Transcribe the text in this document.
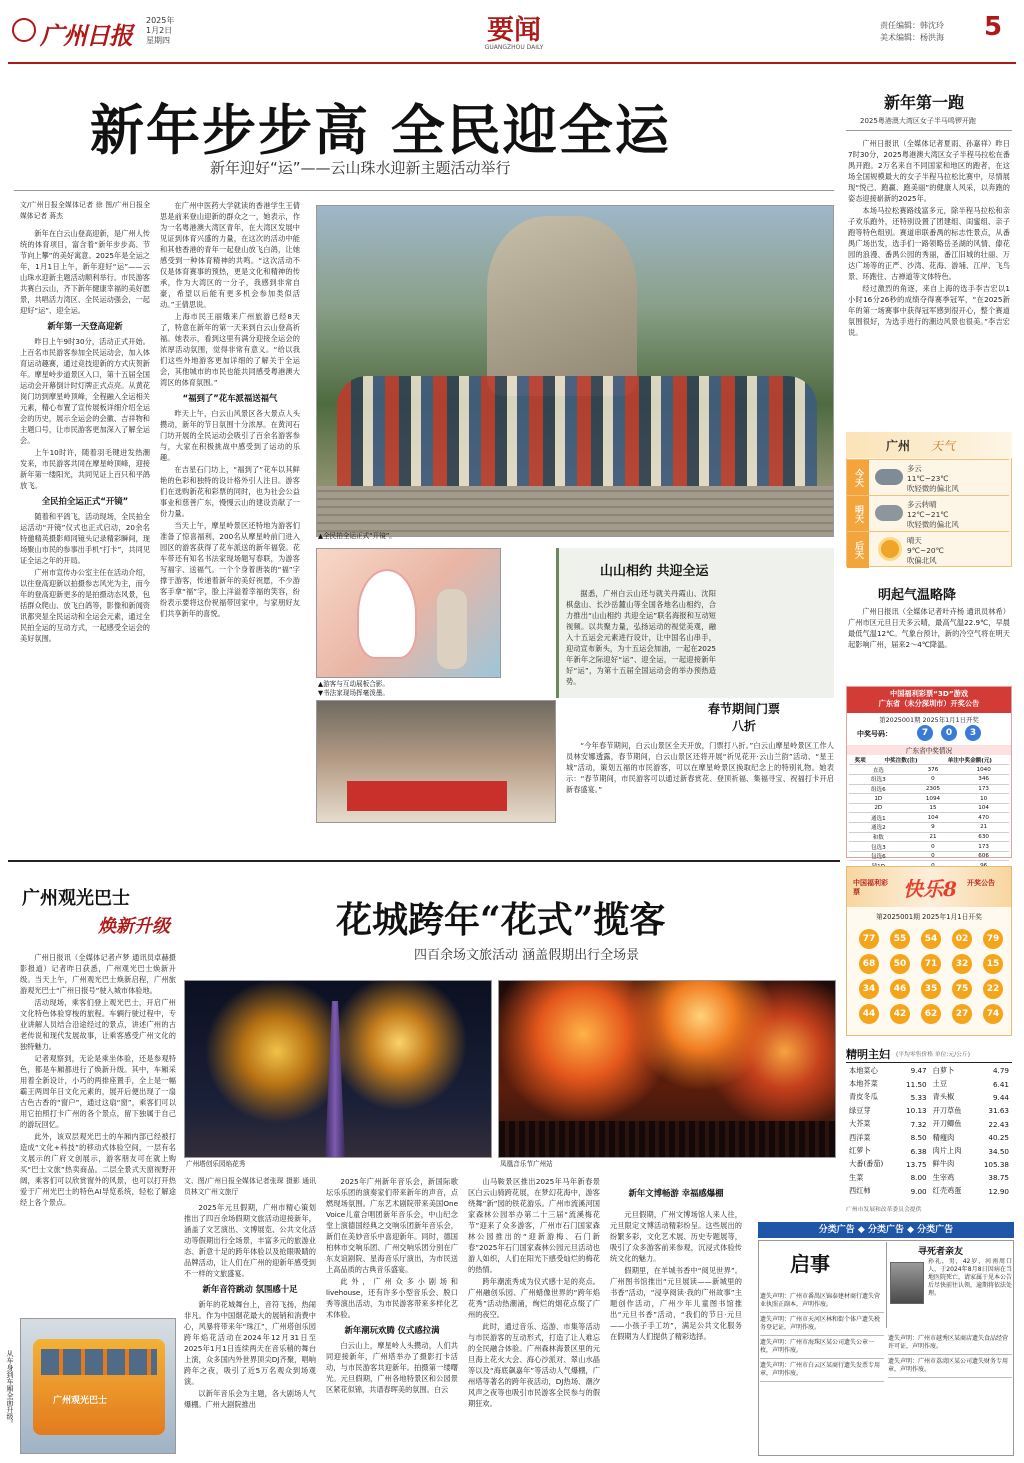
广州日报
2025年
1月2日
星期四	要闻
GUANGZHOU DAILY
责任编辑：韩沈玲
美术编辑：杨洪海 5
新年步步高 全民迎全运
新年迎好“运”——云山珠水迎新主题活动举行
文/广州日报全媒体记者 徐 图/广州日报全媒体记者 蒋杰

新年在白云山登高迎新，是广州人传统的体育项目，富含着“新年步步高、节节向上攀”的美好寓意。2025年是全运之年，1月1日上午，新年迎好“运”——云山珠水迎新主题活动顺利举行。市民游客共赛白云山，齐下新年健康幸福的美好愿景，共唱活力湾区、全民运动强会，一起迎好“运”、迎全运。

新年第一天登高迎新

昨日上午9时30分，活动正式开始。上百名市民游客参加全民运动会，加入体育运动趣赛，通过竞技迎新的方式庆贺新年。摩星岭步道景区入口，第十五届全国运动会开幕倒计时灯牌正式点亮。从黄花岗门坊到摩星岭顶峰，全程融入全运相关元素，精心布置了宣传展板详细介绍全运会的历史，展示全运会的会徽、吉祥物和主题口号，让市民游客更加深入了解全运会。

上午10时许，随着羽毛键迸发热潮发来，市民游客共同在摩星岭顶峰，迎接新年第一缕阳光，共同见证上百只和平鸽放飞。

全民拍全运正式“开镜”

随着和平鸽飞，活动现场，全民拍全运活动“开镜”仪式也正式启动，20余名特邀精英摄影师同镜头记录精彩瞬间，现场聚山市民的参事出手机“打卡”，共同见证全运之年的开局。

广州市宣传办公室主任在活动介绍，以往登高迎新以拍摄参志风光为主，而今年的登高迎新更多的是拍摄动态风景，包括群众爬山、放飞白鸽等，影像和新闻资讯都突显全民运动和全运会元素，通过全民拍全运的互动方式，一起感受全运会的美好氛围。

在广州中医药大学就读的香港学生王倩思是前来登山迎新的群众之一，她表示，作为一名粤港澳大湾区青年，在大湾区发展中见证到体育兴盛的力量，在这次的活动中能和其他香港的青年一起登山放飞白鸽，让她感受到一种体育精神的共鸣。“这次活动不仅是体育赛事的预热，更是文化和精神的传承，作为大湾区的一分子，我感到非常自豪，希望以后能有更多机会参加类似活动。”王倩思说。

上海市民王丽娥来广州旅游已经8天了，特意在新年的第一天来到白云山登高祈福。她表示，看到这里有满分迎接全运会的浓厚活动氛围，觉得非常有意义。“给以我们这些外地游客更加详细的了解关于全运会，其他城市的市民也能共同感受粤港澳大湾区的体育氛围。”

“福到了”花车派福送福气

昨天上午，白云山风景区各大景点人头攒动，新年的节日氛围十分浓厚。在黄河石门坊开展的全民运动会吸引了百余名游客参与，大家在积极挑战中感受到了运动的乐趣。

在吉星石门坊上，“福到了”花车以其鲜艳的色彩和独特的设计格外引人注目。游客们在选购新花和彩票的同时，也为社会公益事业和慈善广东，慢慢云山的建设贡献了一份力量。

当天上午，摩星岭景区还特地为游客们准备了惊喜福利，200名从摩星岭前门进入园区的游客获得了花车派送的新年福袋。花车带还有知名书法家现场题写春联，为游客写福字、送福气。一个个身着唐装的“福”字撑于游客，传递着新年的美好祝愿，不少游客手拿“福”字，脸上洋溢着幸福的笑容，纷纷表示要将这份祝福带回家中，与家朋好友们共享新年的喜悦。

▲全民拍全运正式“开镜”。
▲游客与互动展板合影。
▼书法家现场挥毫泼墨。
山山相约 共迎全运
据悉，广州白云山还与就关丹霞山、沈阳棋盘山、长沙岳麓山等全国各地名山相约，合力推出“山山相约 共迎全运”联名海报和互动短视频。以共聚力量，弘扬运动的视觉美观，融入十五运会元素进行设计，让中国名山串手，迎动宣布新头，为十五运会加油，一起在2025年新年之际迎好“运”、迎全运，一起迎接新年好“运”，为第十五届全国运动会的举办预热造势。
春节期间门票八折
“今年春节期间，白云山景区全天开放，门票打八折。”白云山摩星岭景区工作人员林安娜透露，春节期间，白云山景区还将开展“祈见花开·云山兰韵”活动、“星王城”活动，策划五福的市民游客，可以在摩星岭景区换取纪念上的特别礼物。她表示：“春节期间，市民游客可以通过新春赏花、登顶祈福、集福寻宝、祝福打卡开启新春盛宴。”
新年第一跑
2025粤港澳大湾区女子半马鸣锣开跑

广州日报讯（全媒体记者夏雨、孙嘉祥）昨日7时30分，2025粤港澳大湾区女子半程马拉松在番禺开跑。2万名来自不同国家和地区的跑者，在这场全国规模最大的女子半程马拉松比赛中，尽情展现“悦己、跑赢、跑美丽”的健康人风采，以奔跑的姿态迎接崭新的2025年。

本场马拉松赛路线富多元，除半程马拉松和亲子欢乐跑外，还特别设置了团建组、闺蜜组、亲子跑等特色组别。赛道串联番禺的标志性景点，从番禺广场出发，选手们一路领略岳圣湖的风情、傣花园的浪漫、番禺公园的秀丽，番江旧城的壮丽、万达广场等的正严、沙湾、花海、游埔、江岸、飞鸟景、环跑住、古禅道等文体特色。

经过激烈的角逐，来自上海的选手李吉宏以1小时16分26秒的成绩夺得赛季冠军，“在2025新年的第一场赛事中获得冠军感到很开心，整个赛道氛围很好，为选手进行的潮边风景也很美。”李吉宏说。

广州 天气
今天
多云
11℃~23℃
吹轻微的偏北风
明天
多云转晴
12℃~21℃
吹轻微的偏北风
后天
晴天
9℃~20℃
吹偏北风
明起气温略降
广州日报讯（全媒体记者叶卉杨 通讯员林希）广州市区元旦日天多云晴，最高气温22.9℃，早晨最低气温12℃。气象台预计，新的冷空气将在明天起影响广州，届来2～4℃降温。
中国福利彩票“3D”游戏
广东省（未分深圳市）开奖公告
第2025001期 2025年1月1日开奖
中奖号码：	7	0	3
广东省中奖情况
奖项	中奖注数(注)	单注中奖金额(元)
直选	376	1040
组选3	0	346
组选6	2305	173
1D	1094	10
2D	15	104
通选1	104	470
通选2	9	21
和数	21	630
包选3	0	173
包选6	0	606

中国福利彩票	快乐8 开奖公告
第2025001期 2025年1月1日开奖
77	55	54	02	79
68	50	71	32	15
34	46	35	75	22
44	42	62	27	74
精明主妇 (平均零售价格 单位:元/公斤)
本地菜心	9.47	白萝卜	4.79
本地芥菜	11.50	土豆	6.41
青皮冬瓜	5.33	青头椒	9.44
绿豆芽	10.13	开刀草鱼	31.63
大芥菜	7.32	开刀鲫鱼	22.43
西洋菜	8.50	精瘦肉	40.25
红萝卜	6.38	肉片上肉	34.50
大番(番茄)	13.75	鲜牛肉	105.38
生菜	8.00	生宰鸡	38.75
西红柿	9.00	红壳鸡蛋	12.90
广州市发展和改革委员会提供
广州观光巴士
焕新升级

广州日报讯（全媒体记者卢梦 通讯员卓赫摄影报道）记者昨日获悉，广州观光巴士焕新升级。当天上午，广州观光巴士焕新启程，广州旅游观光巴士“广州日报号”驶入城市体验地。

活动现场，乘客们登上观光巴士，开启广州文化特色体验穿梭的旅程。车辆行驶过程中，专业讲解人员结合沿途经过的景点，讲述广州的古老传说和现代发展故事，让乘客感受广州文化的独特魅力。

记者观察到，无论是乘坐体验，还是参观特色，都是车厢都进行了焕新升级。其中，车厢采用着全新设计，小巧的两排座置手，全上是一幅霸王两周年日文化元素的，展开后便出现了一扇古色古香的“窗户”，通过这扇“窗”，乘客们可以用它拍照打卡广州的各个景点，留下独属于自己的游玩回忆。

此外，该双层观光巴士的车厢内部已经被打造成“文化+科技”的移动式体验空间，一层有名文展示的广府文创展示，游客朋友可在就上购买“巴士文旅”热卖商品。二层全景式天窗视野开阔，乘客们可以欣赏窗外的风景，也可以打开热爱于广州光巴士的特色AI导览系统，轻松了解途经上各个景点。

广州观光巴士
从车身到车厢全面升级。
花城跨年“花式”揽客
四百余场文旅活动 涵盖假期出行全场景
广州塔创乐园焰花秀	凤凰音乐节广州站
文、图/广州日报全媒体记者张琛 摄影 通讯员林文广州文旅厅

2025年元旦假期，广州市精心策划推出了四百余场假期文旅活动迎接新年，涵盖了文艺演出、文博展览、公共文化活动等假期出行全场景，丰富多元的旅游业态、新意十足的跨年体验以及抢眼吸睛的品牌活动，让人们在广州的迎新年感受到不一样的文旅盛宴。

新年音符跳动 氛围感十足

新年的花城舞台上，音符飞扬，热闹非凡。作为中国烟花最大的展销和消费中心，风暴将带来年“珠江”，广州塔创乐园跨年焰花活动在2024年12月31日至2025年1月1日连续两天在音乐稍的舞台上演，众多国内外世界顶尖DJ齐聚，唱响跨年之夜，吸引了近5万名观众到场观演。

以新年音乐会为主题，各大剧场人气爆棚。广州大剧院推出

2025年广州新年音乐会，新国际歌坛乐乐团的演奏家们带来新年的声音，点燃现场氛围。广东艺术剧院带来美国One Voice儿童合唱团新年音乐会，中山纪念堂上演德国经典之交响乐团新年音乐会，新们在美妙音乐中喜迎新年。同时，德国柏林市交响乐团、广州交响乐团分别在广东友谊剧院、星海音乐厅演出，为市民送上高品质的古典音乐盛宴。

此外，广州众多小剧场和livehouse，还有许多小型音乐会、脱口秀等演出活动，为市民游客带来多样化艺术体验。

新年潮玩欢腾 仪式感拉满

白云山上，摩星岭人头攒动，人们共同迎接新年，广州塔举办了摄影打卡活动，与市民游客共迎新年。拍摄第一缕曙光。元旦假期，广州各地特景区和公园景区紧花似锦，共谱春晖美的氛围。白云

山马鞍景区推出2025年马年新春景区白云山骑跨花展，在梦幻花海中，游客绕舞“新”园的铁花游乐。广州市流溪河国家森林公园举办第二十三届“流溪梅花节”迎来了众多游客，广州市石门国家森林公园推出的“迎新游梅、石门新春”2025年石门国家森林公园元旦活动也游人如织，人们在阳光下感受灿烂的梅花的热情。

跨年潮流秀成为仪式感十足的亮点。广州融创乐园、广州蜡像世界的“跨年焰花秀”活动热潮涌，绚烂的烟花点缀了广州的夜空。

此时，通过音乐、巡游、市集等活动与市民游客的互动形式，打造了让人难忘的全民融合体验。广州森林海景区里的元旦海上花火大会、海心沙派对、翠山水晶等以及“海底飙嘉年”等活动人气爆棚，广州塔等著名的跨年夜活动，DJ热场、潮汐风声之夜等也吸引市民游客全民参与的假期狂欢。

新年文博畅游 幸福感爆棚

元旦假期，广州文博场馆人来人往，元旦限定文博活动精彩纷呈。这些展出的纷繁多彩，文化艺术展、历史专题展等，吸引了众多游客前来参观，沉浸式体验传统文化的魅力。

假期里，在羊城书香中“阅见世界”。广州图书馆推出“元旦展读——新城里的书香”活动，“浸享阅读·我的广州故事”主题创作活动，广州少年儿童图书馆推出“元旦书香”活动，“我们的节日·元旦——小孩子手工坊”，满足公共文化服务在假期为人们提供了精彩选择。

分类广告 ◆ 分类广告 ◆ 分类广告
启事	寻死者亲友
孙礼，男，42岁，河南周口人，于2024年8月8日因病在当地医院死亡，请家属于见本公告后尽快前往认领，逾期将依法处理。
遗失声明：广州市番禺区锦泰建材商行遗失营业执照正副本，声明作废。
遗失声明：广州市天河区林和街个体户遗失税务登记证，声明作废。
遗失声明：广州市海珠区某公司遗失公章一枚，声明作废。
遗失声明：广州市白云区某商行遗失发票专用章，声明作废。
遗失声明：广州市越秀区某商店遗失食品经营许可证，声明作废。
遗失声明：广州市荔湾区某公司遗失财务专用章，声明作废。
